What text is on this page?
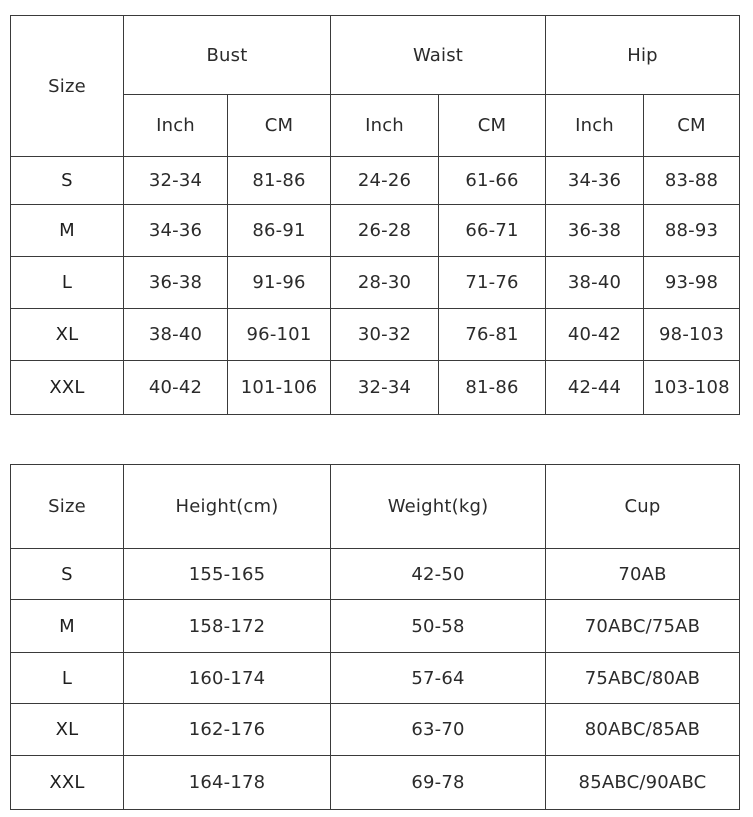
Size	Bust		Waist		Hip	
	Inch	CM	Inch	CM	Inch	CM
S	32-34	81-86	24-26	61-66	34-36	83-88
M	34-36	86-91	26-28	66-71	36-38	88-93
L	36-38	91-96	28-30	71-76	38-40	93-98
XL	38-40	96-101	30-32	76-81	40-42	98-103
XXL	40-42	101-106	32-34	81-86	42-44	103-108
Size	Height(cm)	Weight(kg)	Cup
S	155-165	42-50	70AB
M	158-172	50-58	70ABC/75AB
L	160-174	57-64	75ABC/80AB
XL	162-176	63-70	80ABC/85AB
XXL	164-178	69-78	85ABC/90ABC
